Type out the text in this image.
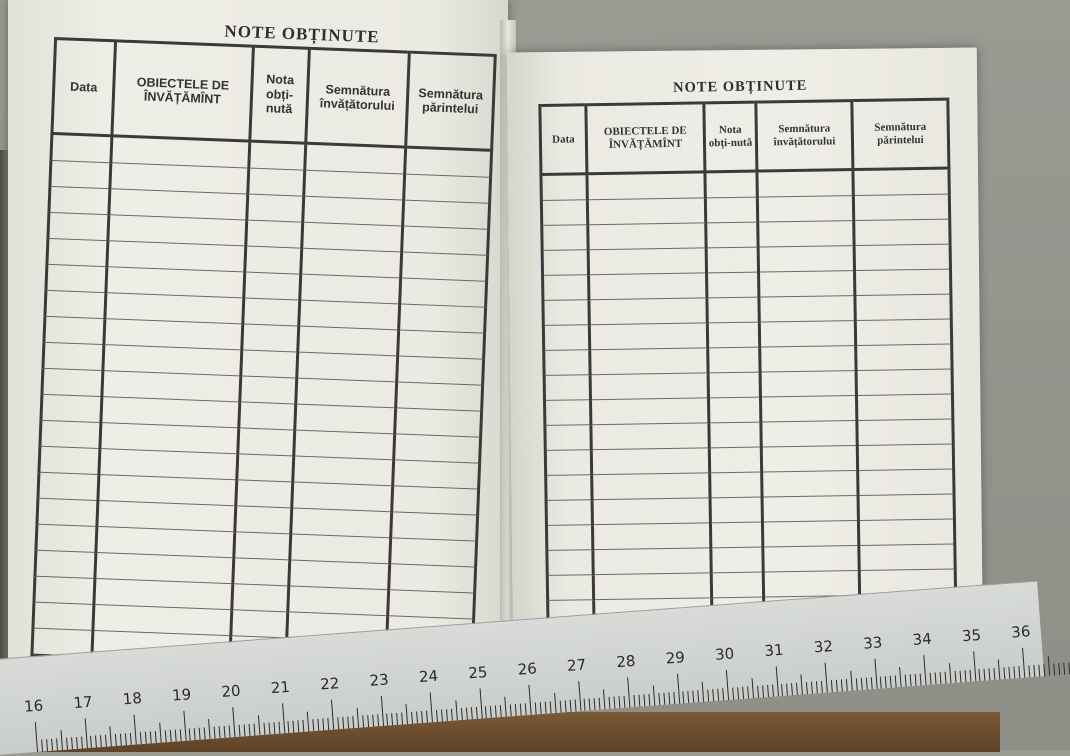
NOTE OBȚINUTE
Data	OBIECTELE DE ÎNVĂȚĂMÎNT	Nota obți-nută	Semnătura învățătorului	Semnătura părintelui

NOTE OBȚINUTE
Data	OBIECTELE DE ÎNVĂȚĂMÎNT	Nota obți-nută	Semnătura învățătorului	Semnătura părintelui

16 17 18 19 20 21 22 23 24 25 26 27 28 29 30 31 32 33 34 35 36
